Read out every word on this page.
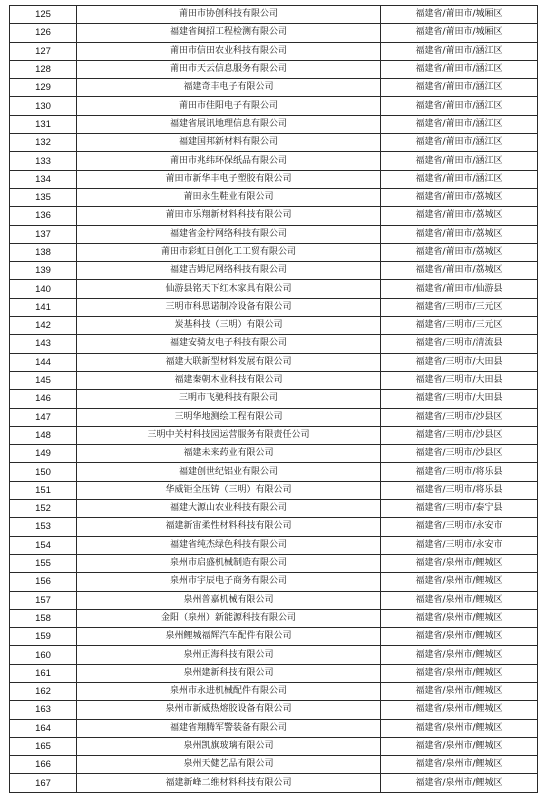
125	莆田市协创科技有限公司	福建省/莆田市/城厢区
126	福建省闽招工程检测有限公司	福建省/莆田市/城厢区
127	莆田市信田农业科技有限公司	福建省/莆田市/涵江区
128	莆田市天云信息服务有限公司	福建省/莆田市/涵江区
129	福建奇丰电子有限公司	福建省/莆田市/涵江区
130	莆田市佳阳电子有限公司	福建省/莆田市/涵江区
131	福建省展讯地理信息有限公司	福建省/莆田市/涵江区
132	福建国邦新材料有限公司	福建省/莆田市/涵江区
133	莆田市兆纬环保纸品有限公司	福建省/莆田市/涵江区
134	莆田市新华丰电子塑胶有限公司	福建省/莆田市/涵江区
135	莆田永生鞋业有限公司	福建省/莆田市/荔城区
136	莆田市乐翔新材料科技有限公司	福建省/莆田市/荔城区
137	福建省金柠网络科技有限公司	福建省/莆田市/荔城区
138	莆田市彩虹日创化工工贸有限公司	福建省/莆田市/荔城区
139	福建吉姆尼网络科技有限公司	福建省/莆田市/荔城区
140	仙游县铭天下红木家具有限公司	福建省/莆田市/仙游县
141	三明市科思诺制冷设备有限公司	福建省/三明市/三元区
142	炭基科技（三明）有限公司	福建省/三明市/三元区
143	福建安骑友电子科技有限公司	福建省/三明市/清流县
144	福建大联新型材料发展有限公司	福建省/三明市/大田县
145	福建秦朝木业科技有限公司	福建省/三明市/大田县
146	三明市飞驰科技有限公司	福建省/三明市/大田县
147	三明华地测绘工程有限公司	福建省/三明市/沙县区
148	三明中关村科技园运营服务有限责任公司	福建省/三明市/沙县区
149	福建未来药业有限公司	福建省/三明市/沙县区
150	福建创世纪铝业有限公司	福建省/三明市/将乐县
151	华威钜全压铸（三明）有限公司	福建省/三明市/将乐县
152	福建大源山农业科技有限公司	福建省/三明市/泰宁县
153	福建新宙柔性材料科技有限公司	福建省/三明市/永安市
154	福建省纯杰绿色科技有限公司	福建省/三明市/永安市
155	泉州市启盛机械制造有限公司	福建省/泉州市/鲤城区
156	泉州市宇辰电子商务有限公司	福建省/泉州市/鲤城区
157	泉州普嘉机械有限公司	福建省/泉州市/鲤城区
158	金阳（泉州）新能源科技有限公司	福建省/泉州市/鲤城区
159	泉州鲤城福辉汽车配件有限公司	福建省/泉州市/鲤城区
160	泉州正海科技有限公司	福建省/泉州市/鲤城区
161	泉州建新科技有限公司	福建省/泉州市/鲤城区
162	泉州市永进机械配件有限公司	福建省/泉州市/鲤城区
163	泉州市新威热熔胶设备有限公司	福建省/泉州市/鲤城区
164	福建省翔腾军警装备有限公司	福建省/泉州市/鲤城区
165	泉州凯旗玻璃有限公司	福建省/泉州市/鲤城区
166	泉州天健艺品有限公司	福建省/泉州市/鲤城区
167	福建新峰二维材料科技有限公司	福建省/泉州市/鲤城区
